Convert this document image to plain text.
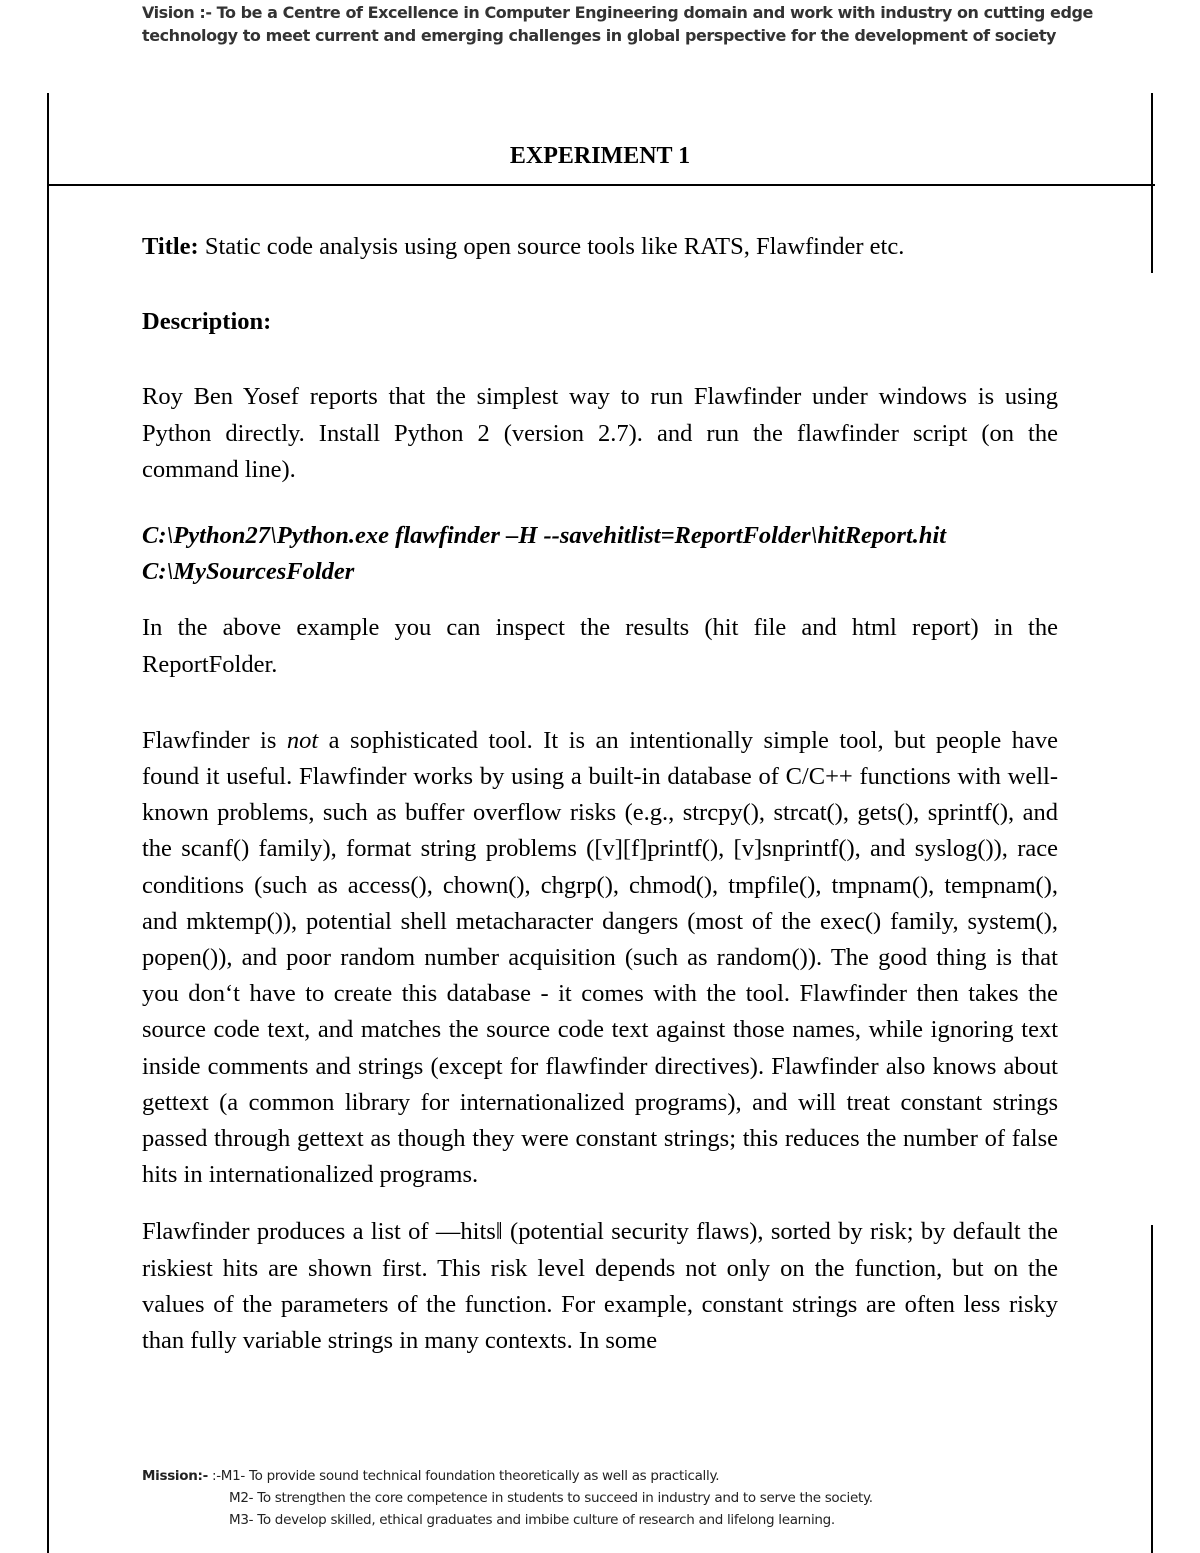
Vision :- To be a Centre of Excellence in Computer Engineering domain and work with industry on cutting edge
technology to meet current and emerging challenges in global perspective for the development of society
EXPERIMENT 1

Title: Static code analysis using open source tools like RATS, Flawfinder etc.

Description:

Roy Ben Yosef reports that the simplest way to run Flawfinder under windows is using Python directly. Install Python 2 (version 2.7). and run the flawfinder script (on the command line).

C:\Python27\Python.exe flawfinder –H --savehitlist=ReportFolder\hitReport.hit
C:\MySourcesFolder

In the above example you can inspect the results (hit file and html report) in the ReportFolder.

Flawfinder is not a sophisticated tool. It is an intentionally simple tool, but people have found it useful. Flawfinder works by using a built-in database of C/C++ functions with well-known problems, such as buffer overflow risks (e.g., strcpy(), strcat(), gets(), sprintf(), and the scanf() family), format string problems ([v][f]printf(), [v]snprintf(), and syslog()), race conditions (such as access(), chown(), chgrp(), chmod(), tmpfile(), tmpnam(), tempnam(), and mktemp()), potential shell metacharacter dangers (most of the exec() family, system(), popen()), and poor random number acquisition (such as random()). The good thing is that you don‘t have to create this database - it comes with the tool. Flawfinder then takes the source code text, and matches the source code text against those names, while ignoring text inside comments and strings (except for flawfinder directives). Flawfinder also knows about gettext (a common library for internationalized programs), and will treat constant strings passed through gettext as though they were constant strings; this reduces the number of false hits in internationalized programs.

Flawfinder produces a list of ―hits‖ (potential security flaws), sorted by risk; by default the riskiest hits are shown first. This risk level depends not only on the function, but on the values of the parameters of the function. For example, constant strings are often less risky than fully variable strings in many contexts. In some

Mission:- :-M1- To provide sound technical foundation theoretically as well as practically.
M2- To strengthen the core competence in students to succeed in industry and to serve the society.
M3- To develop skilled, ethical graduates and imbibe culture of research and lifelong learning.
